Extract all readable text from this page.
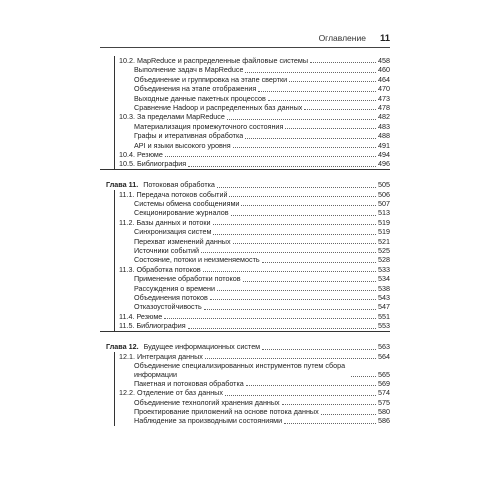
Оглавление 11
10.2. MapReduce и распределенные файловые системы	458
Выполнение задач в MapReduce	460
Объединение и группировка на этапе свертки	464
Объединения на этапе отображения	470
Выходные данные пакетных процессов	473
Сравнение Hadoop и распределенных баз данных	478
10.3. За пределами MapReduce	482
Материализация промежуточного состояния	483
Графы и итеративная обработка	488
API и языки высокого уровня	491
10.4. Резюме	494
10.5. Библиография	496
Глава 11. Потоковая обработка	505
11.1. Передача потоков событий	506
Системы обмена сообщениями	507
Секционирование журналов	513
11.2. Базы данных и потоки	519
Синхронизация систем	519
Перехват изменений данных	521
Источники событий	525
Состояние, потоки и неизменяемость	528
11.3. Обработка потоков	533
Применение обработки потоков	534
Рассуждения о времени	538
Объединения потоков	543
Отказоустойчивость	547
11.4. Резюме	551
11.5. Библиография	553
Глава 12. Будущее информационных систем	563
12.1. Интеграция данных	564
Объединение специализированных инструментов путем сбора информации	565
Пакетная и потоковая обработка	569
12.2. Отделение от баз данных	574
Объединение технологий хранения данных	575
Проектирование приложений на основе потока данных	580
Наблюдение за производными состояниями	586
